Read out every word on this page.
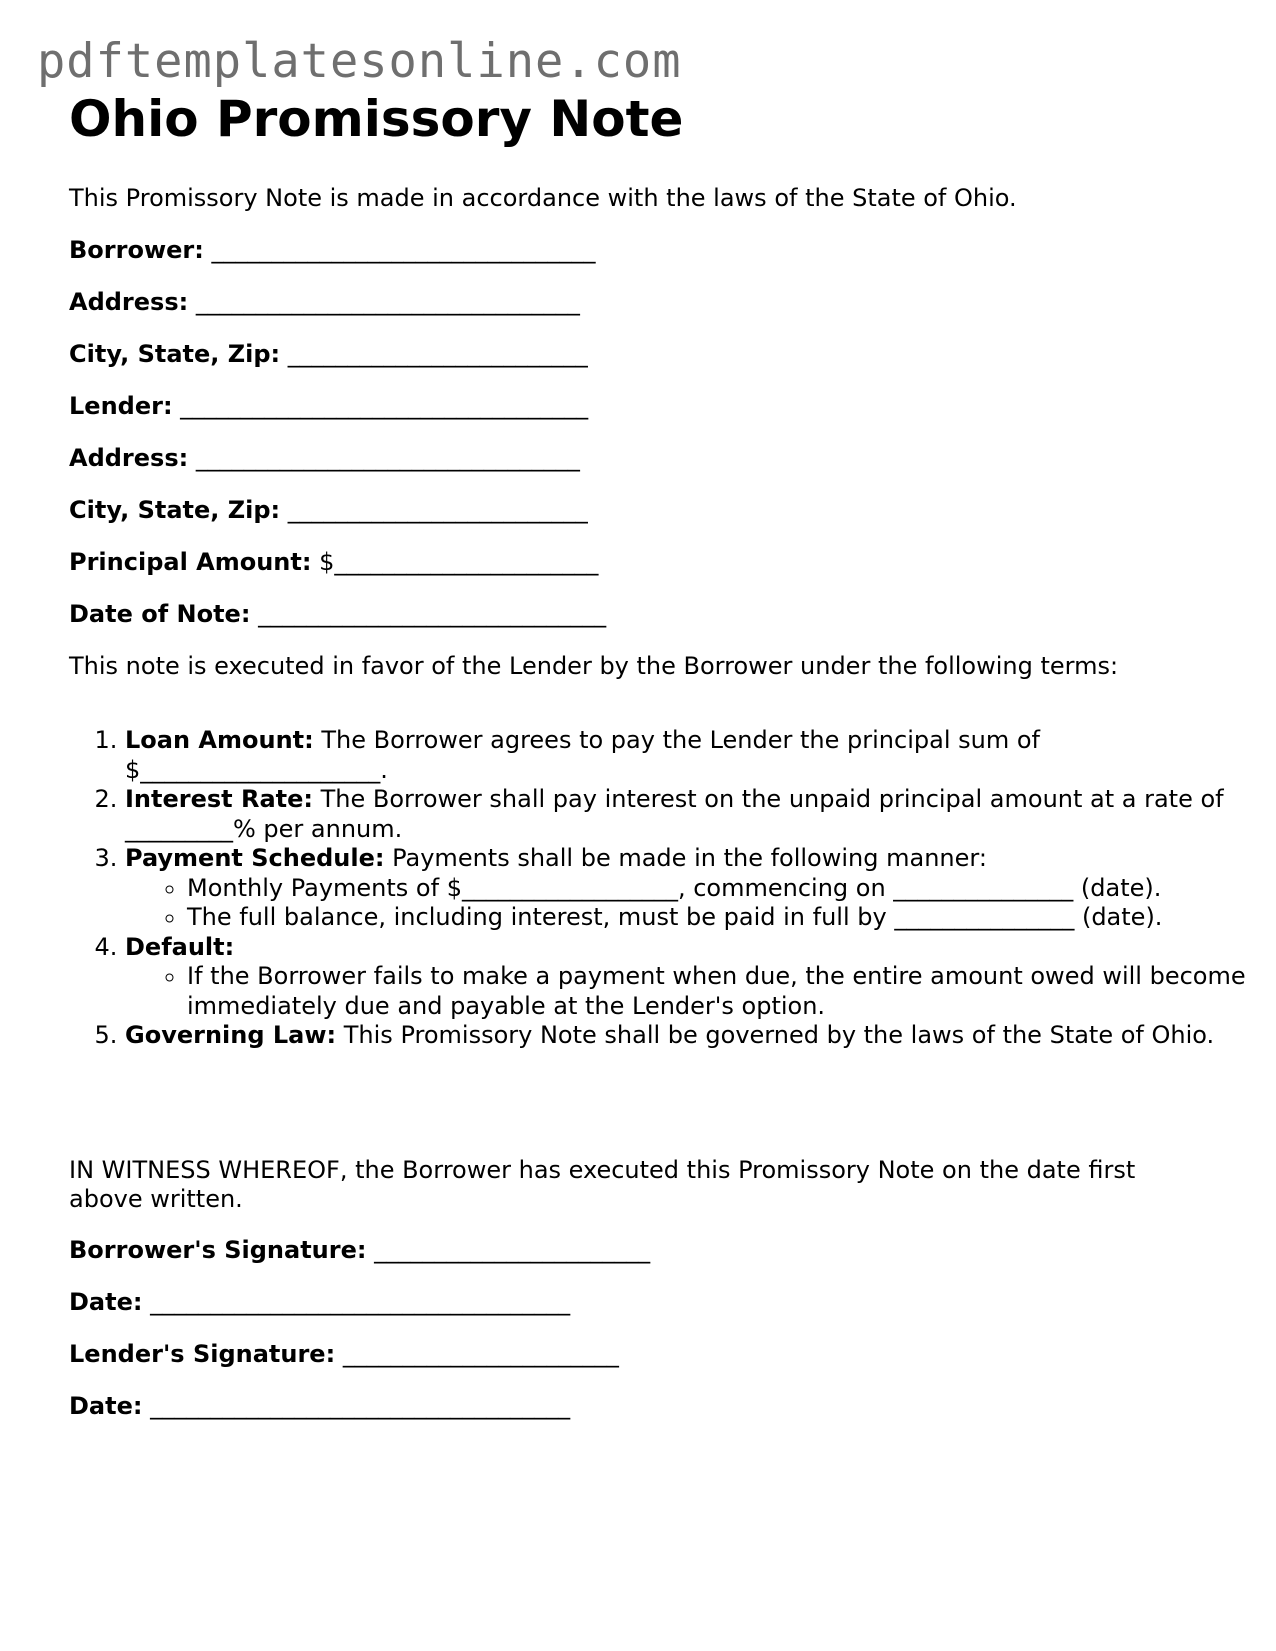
pdftemplatesonline.com
Ohio Promissory Note

This Promissory Note is made in accordance with the laws of the State of Ohio.

Borrower: ________________________________
Address: ________________________________
City, State, Zip: _________________________
Lender: __________________________________
Address: ________________________________
City, State, Zip: _________________________
Principal Amount: $______________________
Date of Note: _____________________________
This note is executed in favor of the Lender by the Borrower under the following terms:
1. Loan Amount: The Borrower agrees to pay the Lender the principal sum of $____________________.
2. Interest Rate: The Borrower shall pay interest on the unpaid principal amount at a rate of _________% per annum.
3. Payment Schedule: Payments shall be made in the following manner:
◦ Monthly Payments of $__________________, commencing on _______________ (date).
◦ The full balance, including interest, must be paid in full by _______________ (date).
4. Default:
◦ If the Borrower fails to make a payment when due, the entire amount owed will become immediately due and payable at the Lender's option.
5. Governing Law: This Promissory Note shall be governed by the laws of the State of Ohio.

IN WITNESS WHEREOF, the Borrower has executed this Promissory Note on the date first above written.

Borrower's Signature: _______________________
Date: ___________________________________
Lender's Signature: _______________________
Date: ___________________________________
